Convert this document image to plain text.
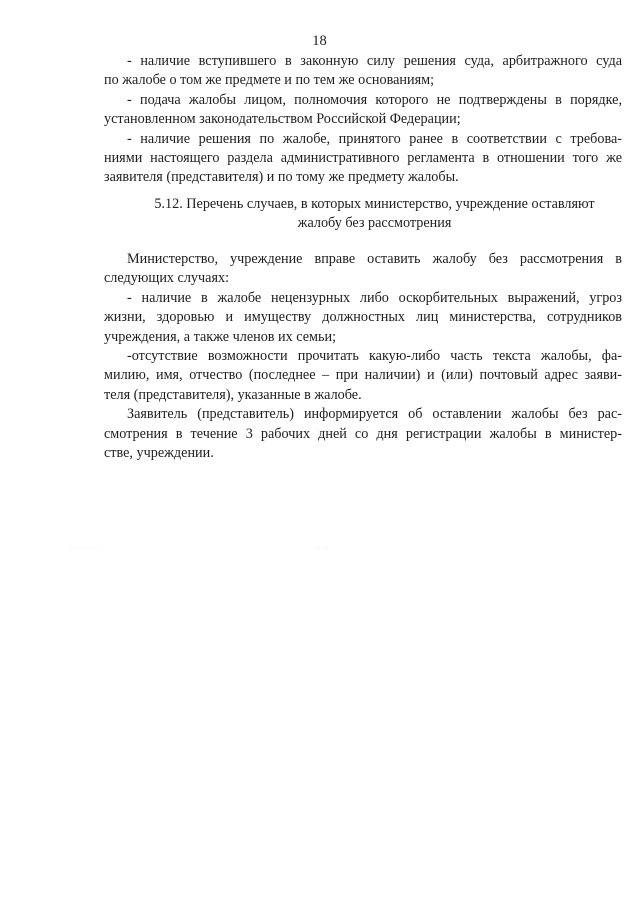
18
- наличие вступившего в законную силу решения суда, арбитражного суда
по жалобе о том же предмете и по тем же основаниям;
- подача жалобы лицом, полномочия которого не подтверждены в порядке,
установленном законодательством Российской Федерации;
- наличие решения по жалобе, принятого ранее в соответствии с требова-
ниями настоящего раздела административного регламента в отношении того же
заявителя (представителя) и по тому же предмету жалобы.
5.12. Перечень случаев, в которых министерство, учреждение оставляют
жалобу без рассмотрения
Министерство, учреждение вправе оставить жалобу без рассмотрения в
следующих случаях:
- наличие в жалобе нецензурных либо оскорбительных выражений, угроз
жизни, здоровью и имуществу должностных лиц министерства, сотрудников
учреждения, а также членов их семьи;
-отсутствие возможности прочитать какую-либо часть текста жалобы, фа-
милию, имя, отчество (последнее – при наличии) и (или) почтовый адрес заяви-
теля (представителя), указанные в жалобе.
Заявитель (представитель) информируется об оставлении жалобы без рас-
смотрения в течение 3 рабочих дней со дня регистрации жалобы в министер-
стве, учреждении.
